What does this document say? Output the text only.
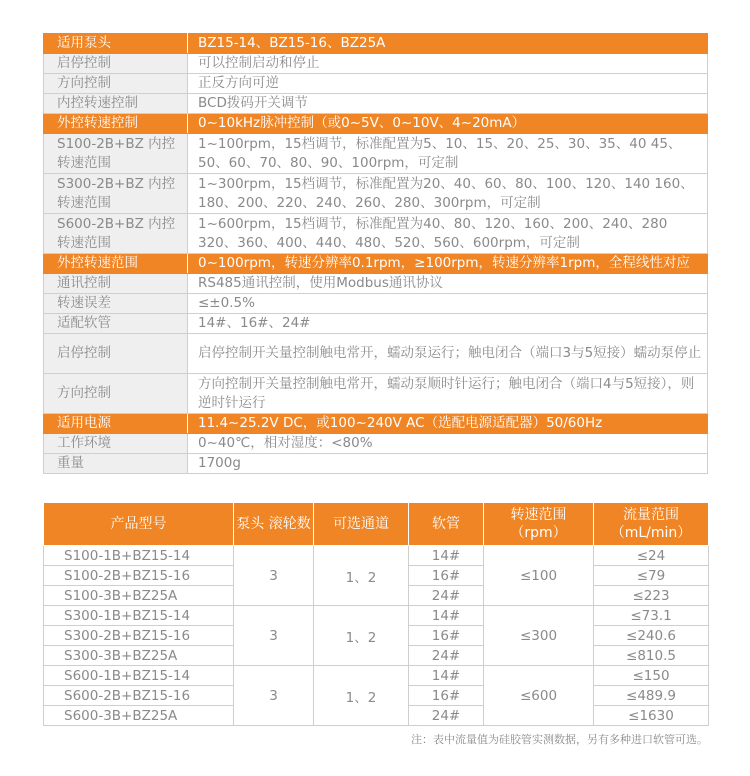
适用泵头	BZ15-14、BZ15-16、BZ25A
启停控制	可以控制启动和停止
方向控制	正反方向可逆
内控转速控制	BCD拨码开关调节
外控转速控制	0~10kHz脉冲控制（或0~5V、0~10V、4~20mA）
S100-2B+BZ 内控转速范围	1~100rpm，15档调节，标准配置为5、10、15、20、25、30、35、40 45、50、60、70、80、90、100rpm，可定制
S300-2B+BZ 内控转速范围	1~300rpm，15档调节，标准配置为20、40、60、80、100、120、140 160、180、200、220、240、260、280、300rpm，可定制
S600-2B+BZ 内控转速范围	1~600rpm，15档调节，标准配置为40、80、120、160、200、240、280 320、360、400、440、480、520、560、600rpm，可定制
外控转速范围	0~100rpm，转速分辨率0.1rpm，≥100rpm，转速分辨率1rpm，全程线性对应
通讯控制	RS485通讯控制，使用Modbus通讯协议
转速误差	≤±0.5%
适配软管	14#、16#、24#
启停控制	启停控制开关量控制触电常开，蠕动泵运行；触电闭合（端口3与5短接）蠕动泵停止
方向控制	方向控制开关量控制触电常开，蠕动泵顺时针运行；触电闭合（端口4与5短接），则逆时针运行
适用电源	11.4~25.2V DC，或100~240V AC（选配电源适配器）50/60Hz
工作环境	0~40℃，相对湿度：<80%
重量	1700g
产品型号	泵头 滚轮数	可选通道	软管	转速范围 （rpm）	流量范围 （mL/min）
S100-1B+BZ15-14	3	1、2	14#	≤100	≤24
S100-2B+BZ15-16			16#		≤79
S100-3B+BZ25A			24#		≤223
S300-1B+BZ15-14	3	1、2	14#	≤300	≤73.1
S300-2B+BZ15-16			16#		≤240.6
S300-3B+BZ25A			24#		≤810.5
S600-1B+BZ15-14	3	1、2	14#	≤600	≤150
S600-2B+BZ15-16			16#		≤489.9
S600-3B+BZ25A			24#		≤1630
注：表中流量值为硅胶管实测数据，另有多种进口软管可选。
